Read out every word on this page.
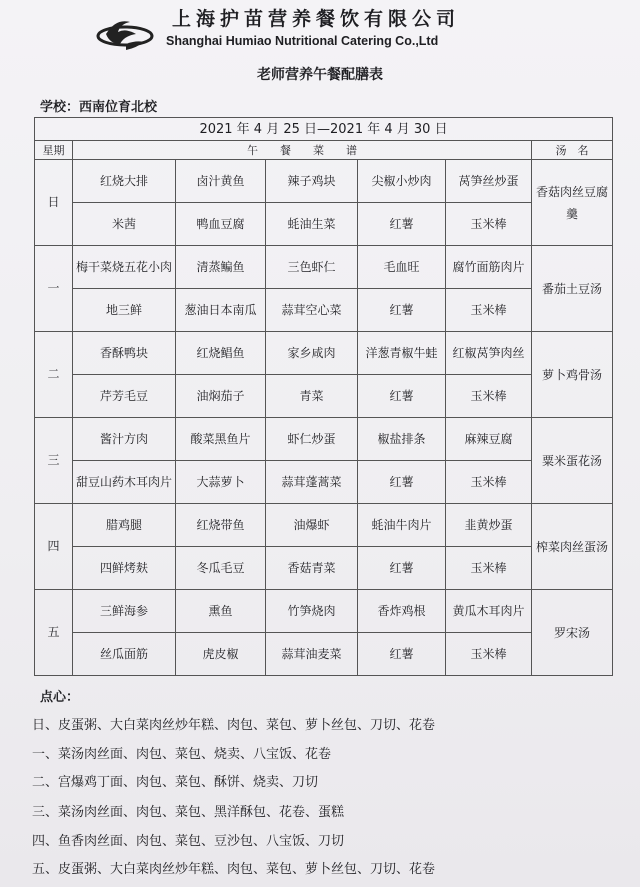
上海护苗营养餐饮有限公司
Shanghai Humiao Nutritional Catering Co.,Ltd
老师营养午餐配膳表
学校：西南位育北校
2021 年 4 月 25 日—2021 年 4 月 30 日						
星期	午　　餐　　菜　　谱					汤　名
日	红烧大排	卤汁黄鱼	辣子鸡块	尖椒小炒肉	莴笋丝炒蛋	香菇肉丝豆腐羹
	米茜	鸭血豆腐	蚝油生菜	红薯	玉米棒	
一	梅干菜烧五花小肉	清蒸鳊鱼	三色虾仁	毛血旺	腐竹面筋肉片	番茄土豆汤
	地三鲜	葱油日本南瓜	蒜茸空心菜	红薯	玉米棒	
二	香酥鸭块	红烧鲳鱼	家乡咸肉	洋葱青椒牛蛙	红椒莴笋肉丝	萝卜鸡骨汤
	芹芳毛豆	油焖茄子	青菜	红薯	玉米棒	
三	酱汁方肉	酸菜黑鱼片	虾仁炒蛋	椒盐排条	麻辣豆腐	粟米蛋花汤
	甜豆山药木耳肉片	大蒜萝卜	蒜茸蓬蒿菜	红薯	玉米棒	
四	腊鸡腿	红烧带鱼	油爆虾	蚝油牛肉片	韭黄炒蛋	榨菜肉丝蛋汤
	四鲜烤麸	冬瓜毛豆	香菇青菜	红薯	玉米棒	
五	三鲜海参	熏鱼	竹笋烧肉	香炸鸡根	黄瓜木耳肉片	罗宋汤
	丝瓜面筋	虎皮椒	蒜茸油麦菜	红薯	玉米棒	
点心：
日、皮蛋粥、大白菜肉丝炒年糕、肉包、菜包、萝卜丝包、刀切、花卷
一、菜汤肉丝面、肉包、菜包、烧卖、八宝饭、花卷
二、宫爆鸡丁面、肉包、菜包、酥饼、烧卖、刀切
三、菜汤肉丝面、肉包、菜包、黑洋酥包、花卷、蛋糕
四、鱼香肉丝面、肉包、菜包、豆沙包、八宝饭、刀切
五、皮蛋粥、大白菜肉丝炒年糕、肉包、菜包、萝卜丝包、刀切、花卷
